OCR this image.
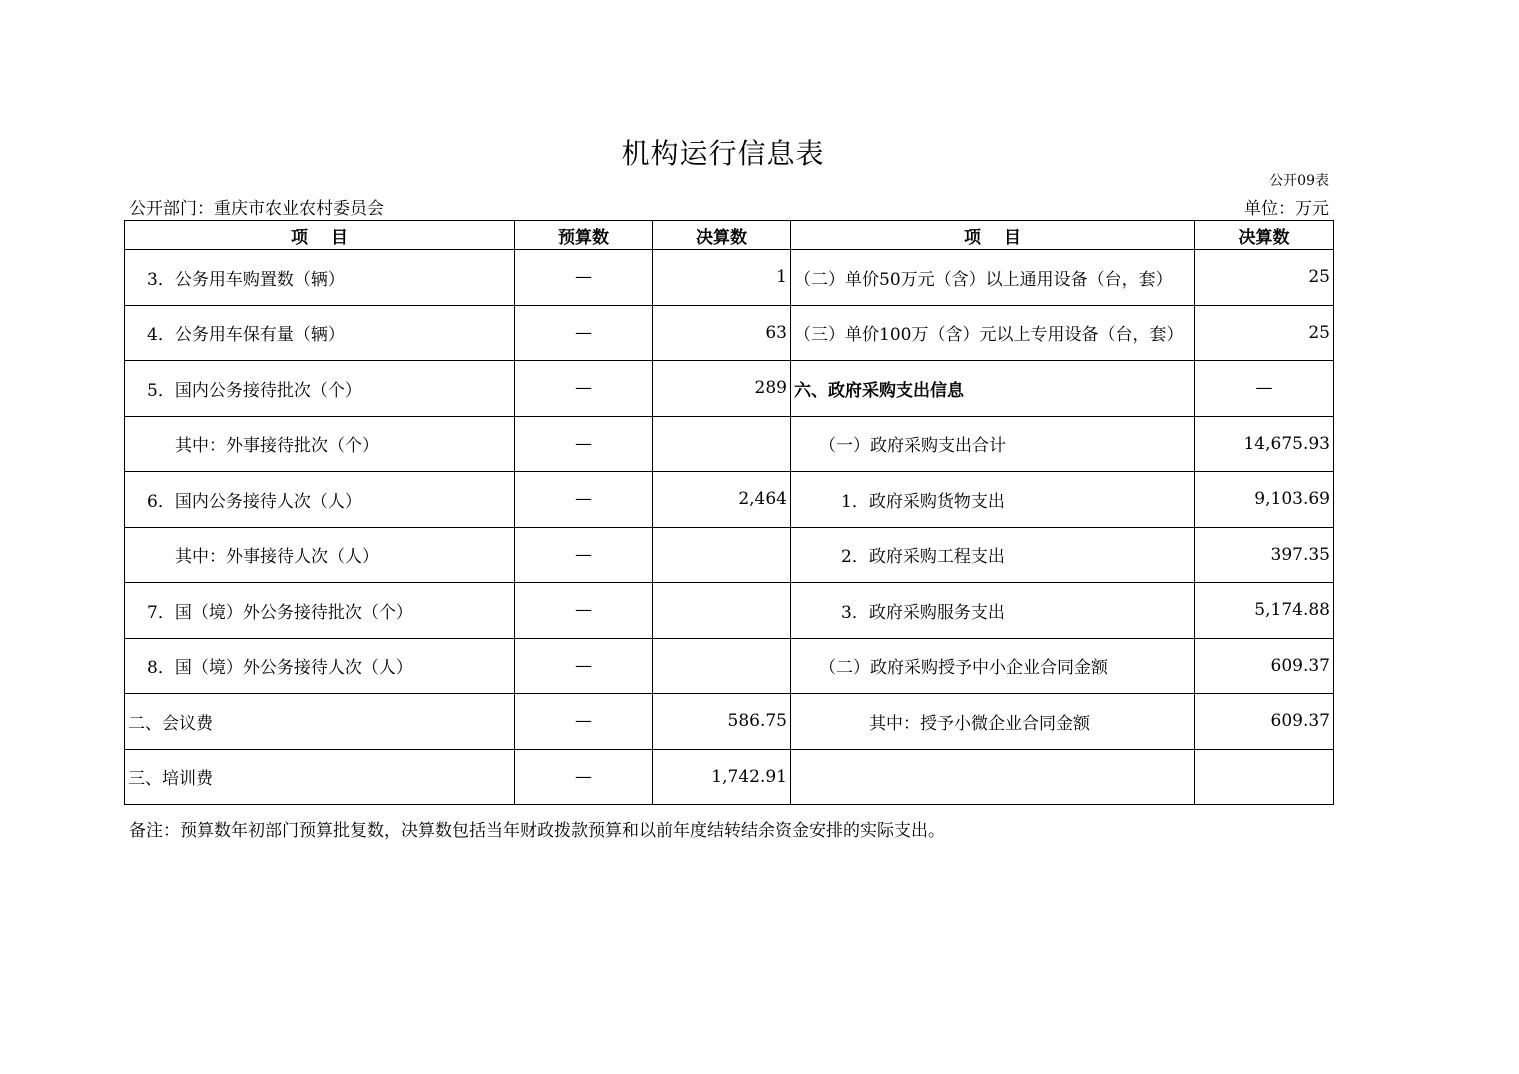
机构运行信息表
公开09表
公开部门：重庆市农业农村委员会	单位：万元
项　 目	预算数	决算数	项　 目	决算数
3．公务用车购置数（辆）	—	1	（二）单价50万元（含）以上通用设备（台，套）	25
4．公务用车保有量（辆）	—	63	（三）单价100万（含）元以上专用设备（台，套）	25
5．国内公务接待批次（个）	—	289	六、政府采购支出信息	—
其中：外事接待批次（个）	—		（一）政府采购支出合计	14,675.93
6．国内公务接待人次（人）	—	2,464	1．政府采购货物支出	9,103.69
其中：外事接待人次（人）	—		2．政府采购工程支出	397.35
7．国（境）外公务接待批次（个）	—		3．政府采购服务支出	5,174.88
8．国（境）外公务接待人次（人）	—		（二）政府采购授予中小企业合同金额	609.37
二、会议费	—	586.75	其中：授予小微企业合同金额	609.37
三、培训费	—	1,742.91		
备注：预算数年初部门预算批复数，决算数包括当年财政拨款预算和以前年度结转结余资金安排的实际支出。
